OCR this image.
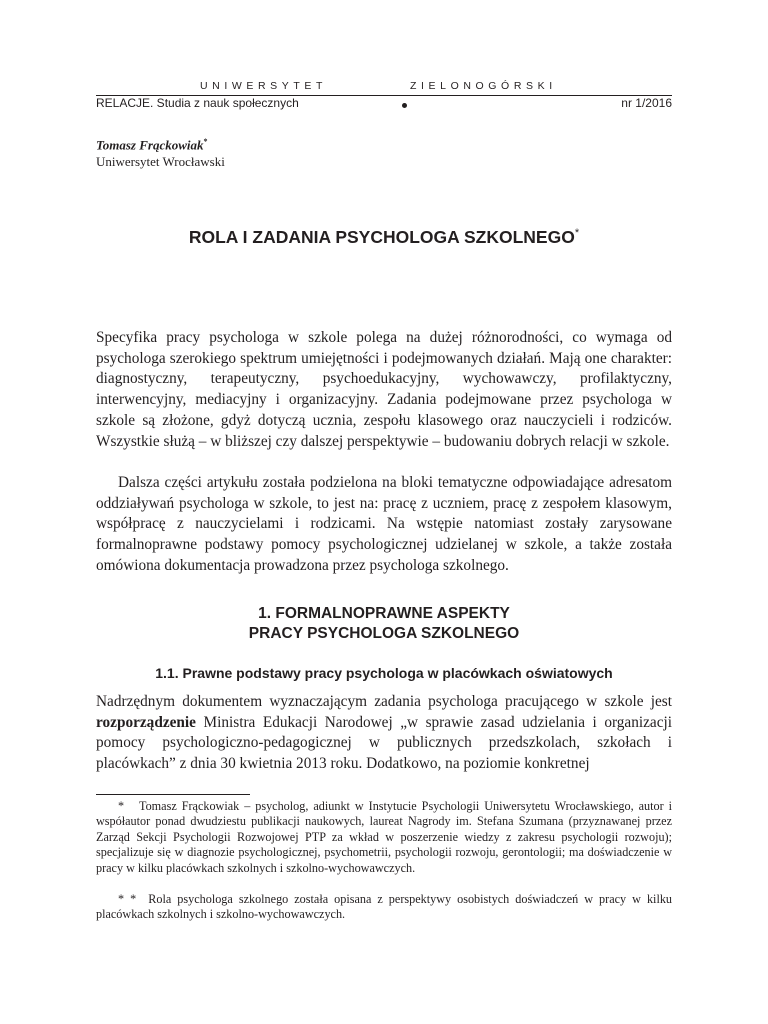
UNIWERSYTET	ZIELONOGÓRSKI
RELACJE. Studia z nauk społecznych	nr 1/2016
Tomasz Frąckowiak*
Uniwersytet Wrocławski
ROLA I ZADANIA PSYCHOLOGA SZKOLNEGO*
Specyfika pracy psychologa w szkole polega na dużej różnorodności, co wymaga od psychologa szerokiego spektrum umiejętności i podejmowanych działań. Mają one charakter: diagnostyczny, terapeutyczny, psychoedukacyjny, wychowawczy, profilaktyczny, interwencyjny, mediacyjny i organizacyjny. Zadania podejmowane przez psychologa w szkole są złożone, gdyż dotyczą ucznia, zespołu klasowego oraz nauczycieli i rodziców. Wszystkie służą – w bliższej czy dalszej perspektywie – budowaniu dobrych relacji w szkole.
Dalsza części artykułu została podzielona na bloki tematyczne odpowiadające adresatom oddziaływań psychologa w szkole, to jest na: pracę z uczniem, pracę z zespołem klasowym, współpracę z nauczycielami i rodzicami. Na wstępie natomiast zostały zarysowane formalnoprawne podstawy pomocy psychologicznej udzielanej w szkole, a także została omówiona dokumentacja prowadzona przez psychologa szkolnego.
1. FORMALNOPRAWNE ASPEKTY
PRACY PSYCHOLOGA SZKOLNEGO
1.1. Prawne podstawy pracy psychologa w placówkach oświatowych
Nadrzędnym dokumentem wyznaczającym zadania psychologa pracującego w szkole jest rozporządzenie Ministra Edukacji Narodowej „w sprawie zasad udzielania i organizacji pomocy psychologiczno-pedagogicznej w publicznych przedszkolach, szkołach i placówkach” z dnia 30 kwietnia 2013 roku. Dodatkowo, na poziomie konkretnej
* Tomasz Frąckowiak – psycholog, adiunkt w Instytucie Psychologii Uniwersytetu Wrocławskiego, autor i współautor ponad dwudziestu publikacji naukowych, laureat Nagrody im. Stefana Szumana (przyznawanej przez Zarząd Sekcji Psychologii Rozwojowej PTP za wkład w poszerzenie wiedzy z zakresu psychologii rozwoju); specjalizuje się w diagnozie psychologicznej, psychometrii, psychologii rozwoju, gerontologii; ma doświadczenie w pracy w kilku placówkach szkolnych i szkolno-wychowawczych.
* * Rola psychologa szkolnego została opisana z perspektywy osobistych doświadczeń w pracy w kilku placówkach szkolnych i szkolno-wychowawczych.
